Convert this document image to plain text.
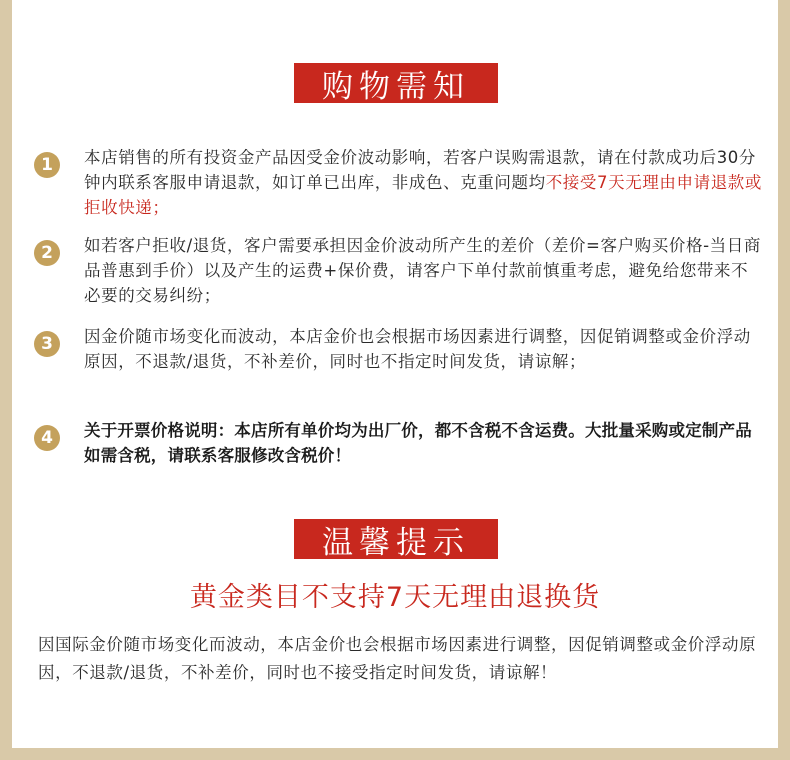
购物需知
1	本店销售的所有投资金产品因受金价波动影响，若客户误购需退款，请在付款成功后30分钟内联系客服申请退款，如订单已出库，非成色、克重问题均不接受7天无理由申请退款或拒收快递；
2	如若客户拒收/退货，客户需要承担因金价波动所产生的差价（差价=客户购买价格-当日商品普惠到手价）以及产生的运费+保价费，请客户下单付款前慎重考虑，避免给您带来不必要的交易纠纷；
3	因金价随市场变化而波动，本店金价也会根据市场因素进行调整，因促销调整或金价浮动原因，不退款/退货，不补差价，同时也不指定时间发货，请谅解；
4	关于开票价格说明：本店所有单价均为出厂价，都不含税不含运费。大批量采购或定制产品如需含税，请联系客服修改含税价！
温馨提示
黄金类目不支持7天无理由退换货
因国际金价随市场变化而波动，本店金价也会根据市场因素进行调整，因促销调整或金价浮动原因，不退款/退货，不补差价，同时也不接受指定时间发货，请谅解！
